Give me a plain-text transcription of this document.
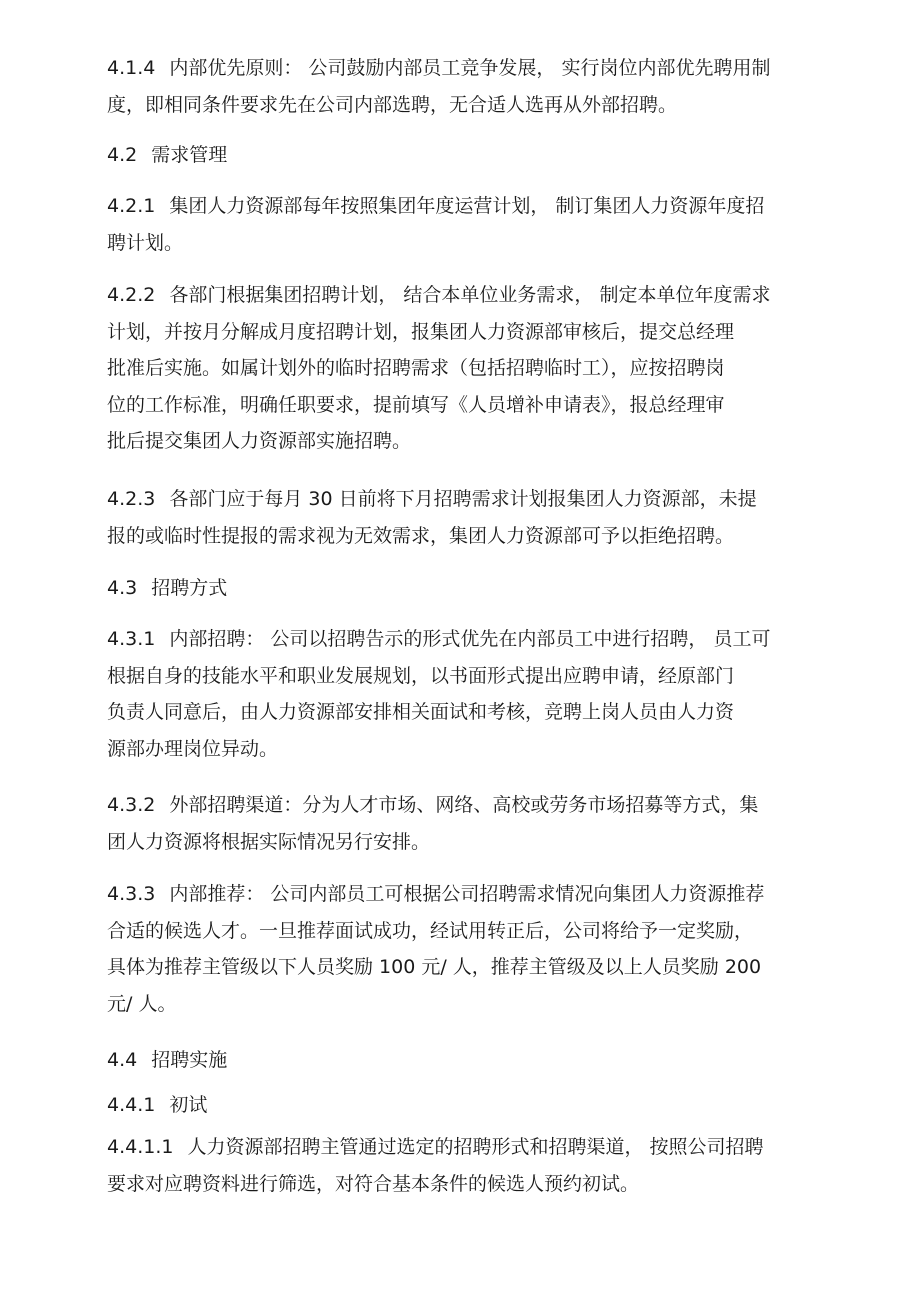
4.1.4 内部优先原则： 公司鼓励内部员工竞争发展， 实行岗位内部优先聘用制
度，即相同条件要求先在公司内部选聘，无合适人选再从外部招聘。
4.2 需求管理
4.2.1 集团人力资源部每年按照集团年度运营计划， 制订集团人力资源年度招
聘计划。
4.2.2 各部门根据集团招聘计划， 结合本单位业务需求， 制定本单位年度需求
计划，并按月分解成月度招聘计划，报集团人力资源部审核后，提交总经理
批准后实施。如属计划外的临时招聘需求（包括招聘临时工），应按招聘岗
位的工作标准，明确任职要求，提前填写《人员增补申请表》，报总经理审
批后提交集团人力资源部实施招聘。
4.2.3 各部门应于每月 30 日前将下月招聘需求计划报集团人力资源部，未提
报的或临时性提报的需求视为无效需求，集团人力资源部可予以拒绝招聘。
4.3 招聘方式
4.3.1 内部招聘： 公司以招聘告示的形式优先在内部员工中进行招聘， 员工可
根据自身的技能水平和职业发展规划，以书面形式提出应聘申请，经原部门
负责人同意后，由人力资源部安排相关面试和考核，竞聘上岗人员由人力资
源部办理岗位异动。
4.3.2 外部招聘渠道：分为人才市场、网络、高校或劳务市场招募等方式，集
团人力资源将根据实际情况另行安排。
4.3.3 内部推荐： 公司内部员工可根据公司招聘需求情况向集团人力资源推荐
合适的候选人才。一旦推荐面试成功，经试用转正后，公司将给予一定奖励，
具体为推荐主管级以下人员奖励 100 元/ 人，推荐主管级及以上人员奖励 200
元/ 人。
4.4 招聘实施
4.4.1 初试
4.4.1.1 人力资源部招聘主管通过选定的招聘形式和招聘渠道， 按照公司招聘
要求对应聘资料进行筛选，对符合基本条件的候选人预约初试。
